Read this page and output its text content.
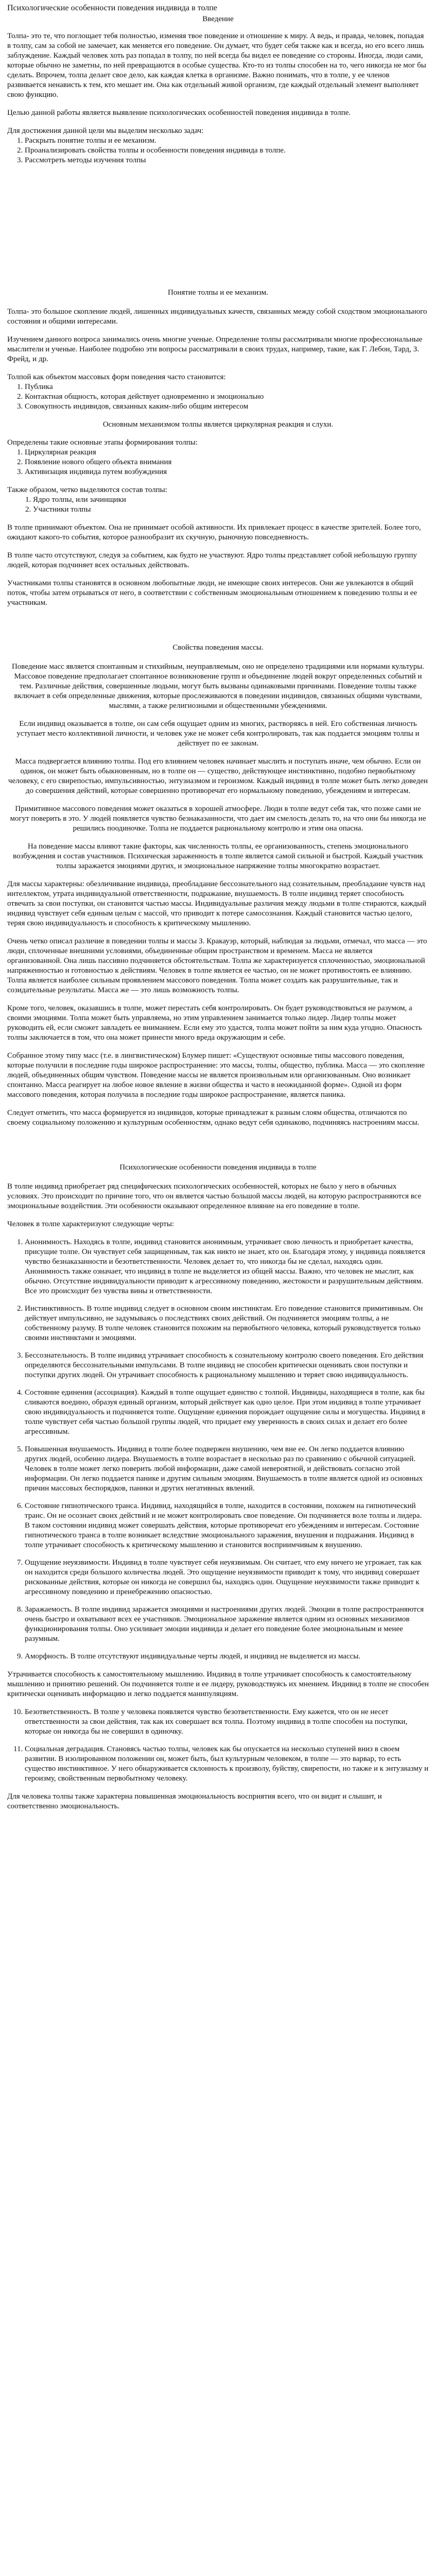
Психологические особенности поведения индивида в толпе
Введение

Толпа- это те, что поглощает тебя полностью, изменяя твое поведение и отношение к миру. А ведь, и правда, человек, попадая в толпу, сам за собой не замечает, как меняется его поведение. Он думает, что будет себя также как и всегда, но его всего лишь заблуждение. Каждый человек хоть раз попадал в толпу, по ней всегда бы видел ее поведение со стороны. Иногда, люди сами, которые обычно не заметны, по ней превращаются в особые существа. Кто-то из толпы способен на то, чего никогда не мог бы сделать. Впрочем, толпа делает свое дело, как каждая клетка в организме. Важно понимать, что в толпе, у ее членов развивается ненависть к тем, кто мешает им. Она как отдельный живой организм, где каждый отдельный элемент выполняет свою функцию.

Целью данной работы является выявление психологических особенностей поведения индивида в толпе.

Для достижения данной цели мы выделим несколько задач:

1. Раскрыть понятие толпы и ее механизм.
2. Проанализировать свойства толпы и особенности поведения индивида в толпе.
3. Рассмотреть методы изучения толпы
Понятие толпы и ее механизм.

Толпа- это большое скопление людей, лишенных индивидуальных качеств, связанных между собой сходством эмоционального состояния и общими интересами.

Изучением данного вопроса занимались очень многие ученые. Определение толпы рассматривали многие профессиональные мыслители и ученые. Наиболее подробно эти вопросы рассматривали в своих трудах, например, такие, как Г. Лебон, Тард, З. Фрейд, и др.

Толпой как объектом массовых форм поведения часто становится:

1. Публика
2. Контактная общность, которая действует одновременно и эмоционально
3. Совокупность индивидов, связанных каким-либо общим интересом

Основным механизмом толпы является циркулярная реакция и слухи.

Определены такие основные этапы формирования толпы:

1. Циркулярная реакция
2. Появление нового общего объекта внимания
3. Активизация индивида путем возбуждения

Также образом, четко выделяются состав толпы:

1. Ядро толпы, или зачинщики
2. Участники толпы

В толпе принимают объектом. Она не принимает особой активности. Их привлекает процесс в качестве зрителей. Более того, ожидают какого-то события, которое разнообразит их скучную, рыночную повседневность.

В толпе часто отсутствуют, следуя за событием, как будто не участвуют. Ядро толпы представляет собой небольшую группу людей, которая подчиняет всех остальных действовать.

Участниками толпы становятся в основном любопытные люди, не имеющие своих интересов. Они же увлекаются в общий поток, чтобы затем отрываться от него, в соответствии с собственным эмоциональным отношением к поведению толпы и ее участникам.

Свойства поведения массы.

Поведение масс является спонтанным и стихийным, неуправляемым, оно не определено традициями или нормами культуры. Массовое поведение предполагает спонтанное возникновение групп и объединение людей вокруг определенных событий и тем. Различные действия, совершенные людьми, могут быть вызваны одинаковыми причинами. Поведение толпы также включает в себя определенные движения, которые прослеживаются в поведении индивидов, связанных общими чувствами, мыслями, а также религиозными и общественными убеждениями.

Если индивид оказывается в толпе, он сам себя ощущает одним из многих, растворяясь в ней. Его собственная личность уступает место коллективной личности, и человек уже не может себя контролировать, так как поддается эмоциям толпы и действует по ее законам.

Масса подвергается влиянию толпы. Под его влиянием человек начинает мыслить и поступать иначе, чем обычно. Если он одинок, он может быть обыкновенным, но в толпе он — существо, действующее инстинктивно, подобно первобытному человеку, с его свирепостью, импульсивностью, энтузиазмом и героизмом. Каждый индивид в толпе может быть легко доведен до совершения действий, которые совершенно противоречат его нормальному поведению, убеждениям и интересам.

Примитивное массового поведения может оказаться в хорошей атмосфере. Люди в толпе ведут себя так, что позже сами не могут поверить в это. У людей появляется чувство безнаказанности, что дает им смелость делать то, на что они бы никогда не решились поодиночке. Толпа не поддается рациональному контролю и этим она опасна.

На поведение массы влияют такие факторы, как численность толпы, ее организованность, степень эмоционального возбуждения и состав участников. Психическая зараженность в толпе является самой сильной и быстрой. Каждый участник толпы заражается эмоциями других, и эмоциональное напряжение толпы многократно возрастает.

Для массы характерны: обезличивание индивида, преобладание бессознательного над сознательным, преобладание чувств над интеллектом, утрата индивидуальной ответственности, подражание, внушаемость. В толпе индивид теряет способность отвечать за свои поступки, он становится частью массы. Индивидуальные различия между людьми в толпе стираются, каждый индивид чувствует себя единым целым с массой, что приводит к потере самосознания. Каждый становится частью целого, теряя свою индивидуальность и способность к критическому мышлению.

Очень четко описал различие в поведении толпы и массы З. Кракауэр, который, наблюдая за людьми, отмечал, что масса — это люди, сплоченные внешними условиями, объединенные общим пространством и временем. Масса не является организованной. Она лишь пассивно подчиняется обстоятельствам. Толпа же характеризуется сплоченностью, эмоциональной напряженностью и готовностью к действиям. Человек в толпе является ее частью, он не может противостоять ее влиянию. Толпа является наиболее сильным проявлением массового поведения. Толпа может создать как разрушительные, так и созидательные результаты. Масса же — это лишь возможность толпы.

Кроме того, человек, оказавшись в толпе, может перестать себя контролировать. Он будет руководствоваться не разумом, а своими эмоциями. Толпа может быть управляема, но этим управлением занимается только лидер. Лидер толпы может руководить ей, если сможет завладеть ее вниманием. Если ему это удастся, толпа может пойти за ним куда угодно. Опасность толпы заключается в том, что она может принести много вреда окружающим и себе.

Собранное этому типу масс (т.е. в лингвистическом) Блумер пишет: «Существуют основные типы массового поведения, которые получили в последние годы широкое распространение: это массы, толпы, общество, публика. Масса — это скопление людей, объединенных общим чувством. Поведение массы не является произвольным или организованным. Оно возникает спонтанно. Масса реагирует на любое новое явление в жизни общества и часто в неожиданной форме». Одной из форм массового поведения, которая получила в последние годы широкое распространение, является паника.

Следует отметить, что масса формируется из индивидов, которые принадлежат к разным слоям общества, отличаются по своему социальному положению и культурным особенностям, однако ведут себя одинаково, подчиняясь настроениям массы.

Психологические особенности поведения индивида в толпе

В толпе индивид приобретает ряд специфических психологических особенностей, которых не было у него в обычных условиях. Это происходит по причине того, что он является частью большой массы людей, на которую распространяются все эмоциональные воздействия. Эти особенности оказывают определенное влияние на его поведение в толпе.

Человек в толпе характеризуют следующие черты:

1. Анонимность. Находясь в толпе, индивид становится анонимным, утрачивает свою личность и приобретает качества, присущие толпе. Он чувствует себя защищенным, так как никто не знает, кто он. Благодаря этому, у индивида появляется чувство безнаказанности и безответственности. Человек делает то, что никогда бы не сделал, находясь один. Анонимность также означает, что индивид в толпе не выделяется из общей массы. Важно, что человек не мыслит, как обычно. Отсутствие индивидуальности приводит к агрессивному поведению, жестокости и разрушительным действиям. Все это происходит без чувства вины и ответственности.
2. Инстинктивность. В толпе индивид следует в основном своим инстинктам. Его поведение становится примитивным. Он действует импульсивно, не задумываясь о последствиях своих действий. Он подчиняется эмоциям толпы, а не собственному разуму. В толпе человек становится похожим на первобытного человека, который руководствуется только своими инстинктами и эмоциями.
3. Бессознательность. В толпе индивид утрачивает способность к сознательному контролю своего поведения. Его действия определяются бессознательными импульсами. В толпе индивид не способен критически оценивать свои поступки и поступки других людей. Он утрачивает способность к рациональному мышлению и теряет свою индивидуальность.
4. Состояние единения (ассоциация). Каждый в толпе ощущает единство с толпой. Индивиды, находящиеся в толпе, как бы сливаются воедино, образуя единый организм, который действует как одно целое. При этом индивид в толпе утрачивает свою индивидуальность и подчиняется толпе. Ощущение единения порождает ощущение силы и могущества. Индивид в толпе чувствует себя частью большой группы людей, что придает ему уверенность в своих силах и делает его более агрессивным.
5. Повышенная внушаемость. Индивид в толпе более подвержен внушению, чем вне ее. Он легко поддается влиянию других людей, особенно лидера. Внушаемость в толпе возрастает в несколько раз по сравнению с обычной ситуацией. Человек в толпе может легко поверить любой информации, даже самой невероятной, и действовать согласно этой информации. Он легко поддается панике и другим сильным эмоциям. Внушаемость в толпе является одной из основных причин массовых беспорядков, паники и других негативных явлений.
6. Состояние гипнотического транса. Индивид, находящийся в толпе, находится в состоянии, похожем на гипнотический транс. Он не осознает своих действий и не может контролировать свое поведение. Он подчиняется воле толпы и лидера. В таком состоянии индивид может совершать действия, которые противоречат его убеждениям и интересам. Состояние гипнотического транса в толпе возникает вследствие эмоционального заражения, внушения и подражания. Индивид в толпе утрачивает способность к критическому мышлению и становится восприимчивым к внушению.
7. Ощущение неуязвимости. Индивид в толпе чувствует себя неуязвимым. Он считает, что ему ничего не угрожает, так как он находится среди большого количества людей. Это ощущение неуязвимости приводит к тому, что индивид совершает рискованные действия, которые он никогда не совершил бы, находясь один. Ощущение неуязвимости также приводит к агрессивному поведению и пренебрежению опасностью.
8. Заражаемость. В толпе индивид заражается эмоциями и настроениями других людей. Эмоции в толпе распространяются очень быстро и охватывают всех ее участников. Эмоциональное заражение является одним из основных механизмов функционирования толпы. Оно усиливает эмоции индивида и делает его поведение более эмоциональным и менее разумным.
9. Аморфность. В толпе отсутствуют индивидуальные черты людей, и индивид не выделяется из массы.

Утрачивается способность к самостоятельному мышлению. Индивид в толпе утрачивает способность к самостоятельному мышлению и принятию решений. Он подчиняется толпе и ее лидеру, руководствуясь их мнением. Индивид в толпе не способен критически оценивать информацию и легко поддается манипуляциям.

10. Безответственность. В толпе у человека появляется чувство безответственности. Ему кажется, что он не несет ответственности за свои действия, так как их совершает вся толпа. Поэтому индивид в толпе способен на поступки, которые он никогда бы не совершил в одиночку.
11. Социальная деградация. Становясь частью толпы, человек как бы опускается на несколько ступеней вниз в своем развитии. В изолированном положении он, может быть, был культурным человеком, в толпе — это варвар, то есть существо инстинктивное. У него обнаруживается склонность к произволу, буйству, свирепости, но также и к энтузиазму и героизму, свойственным первобытному человеку.

Для человека толпы также характерна повышенная эмоциональность восприятия всего, что он видит и слышит, и соответственно эмоциональность.
